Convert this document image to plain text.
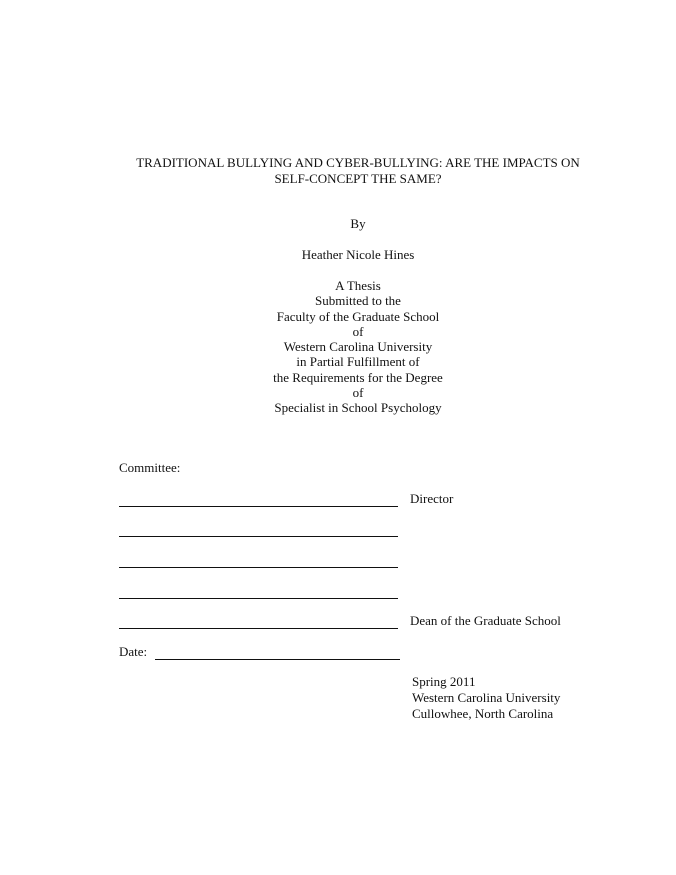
TRADITIONAL BULLYING AND CYBER-BULLYING: ARE THE IMPACTS ON
SELF-CONCEPT THE SAME?
By
Heather Nicole Hines
A Thesis
Submitted to the
Faculty of the Graduate School
of
Western Carolina University
in Partial Fulfillment of
the Requirements for the Degree
of
Specialist in School Psychology
Committee:
Director
Dean of the Graduate School
Date:
Spring 2011
Western Carolina University
Cullowhee, North Carolina
